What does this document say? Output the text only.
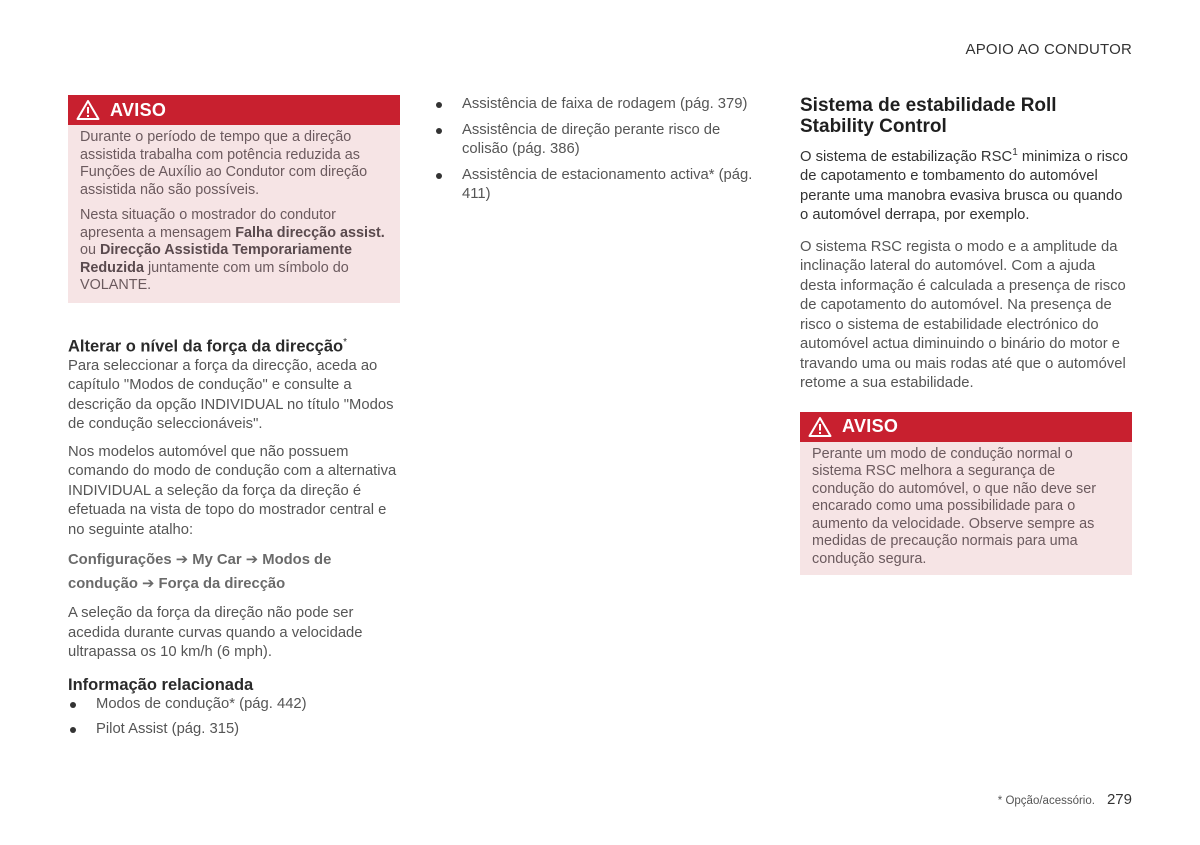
APOIO AO CONDUTOR
AVISO

Durante o período de tempo que a direção assistida trabalha com potência reduzida as Funções de Auxílio ao Condutor com direção assistida não são possíveis.

Nesta situação o mostrador do condutor apresenta a mensagem Falha direcção assist. ou Direcção Assistida Temporariamente Reduzida juntamente com um símbolo do VOLANTE.

Alterar o nível da força da direcção*

Para seleccionar a força da direcção, aceda ao capítulo "Modos de condução" e consulte a descrição da opção INDIVIDUAL no título "Modos de condução seleccionáveis".

Nos modelos automóvel que não possuem comando do modo de condução com a alternativa INDIVIDUAL a seleção da força da direção é efetuada na vista de topo do mostrador central e no seguinte atalho:

Configurações ➔ My Car ➔ Modos de condução ➔ Força da direcção

A seleção da força da direção não pode ser acedida durante curvas quando a velocidade ultrapassa os 10 km/h (6 mph).

Informação relacionada
Modos de condução* (pág. 442)
Pilot Assist (pág. 315)
Assistência de faixa de rodagem (pág. 379)
Assistência de direção perante risco de colisão (pág. 386)
Assistência de estacionamento activa* (pág. 411)
Sistema de estabilidade Roll Stability Control

O sistema de estabilização RSC$^1$ minimiza o risco de capotamento e tombamento do automóvel perante uma manobra evasiva brusca ou quando o automóvel derrapa, por exemplo.

O sistema RSC regista o modo e a amplitude da inclinação lateral do automóvel. Com a ajuda desta informação é calculada a presença de risco de capotamento do automóvel. Na presença de risco o sistema de estabilidade electrónico do automóvel actua diminuindo o binário do motor e travando uma ou mais rodas até que o automóvel retome a sua estabilidade.

AVISO

Perante um modo de condução normal o sistema RSC melhora a segurança de condução do automóvel, o que não deve ser encarado como uma possibilidade para o aumento da velocidade. Observe sempre as medidas de precaução normais para uma condução segura.

* Opção/acessório. 279
